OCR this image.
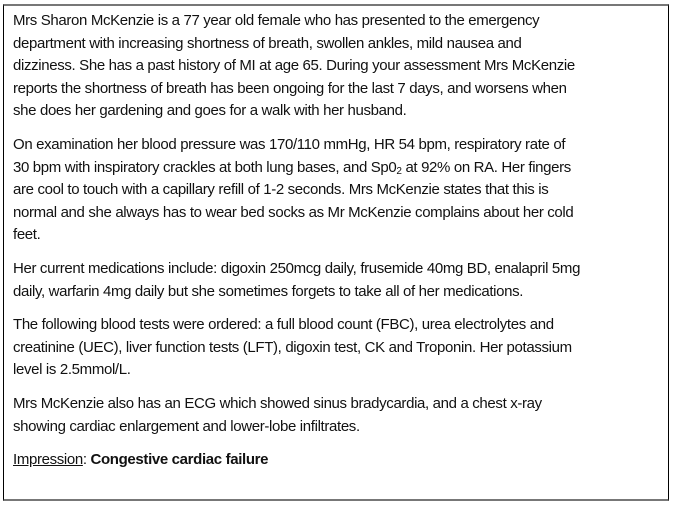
Mrs Sharon McKenzie is a 77 year old female who has presented to the emergency
department with increasing shortness of breath, swollen ankles, mild nausea and
dizziness. She has a past history of MI at age 65. During your assessment Mrs McKenzie
reports the shortness of breath has been ongoing for the last 7 days, and worsens when
she does her gardening and goes for a walk with her husband.

On examination her blood pressure was 170/110 mmHg, HR 54 bpm, respiratory rate of
30 bpm with inspiratory crackles at both lung bases, and $Sp0_2$ at 92% on RA. Her fingers
are cool to touch with a capillary refill of 1-2 seconds. Mrs McKenzie states that this is
normal and she always has to wear bed socks as Mr McKenzie complains about her cold
feet.

Her current medications include: digoxin 250mcg daily, frusemide 40mg BD, enalapril 5mg
daily, warfarin 4mg daily but she sometimes forgets to take all of her medications.

The following blood tests were ordered: a full blood count (FBC), urea electrolytes and
creatinine (UEC), liver function tests (LFT), digoxin test, CK and Troponin. Her potassium
level is 2.5mmol/L.

Mrs McKenzie also has an ECG which showed sinus bradycardia, and a chest x-ray
showing cardiac enlargement and lower-lobe infiltrates.

Impression: Congestive cardiac failure
